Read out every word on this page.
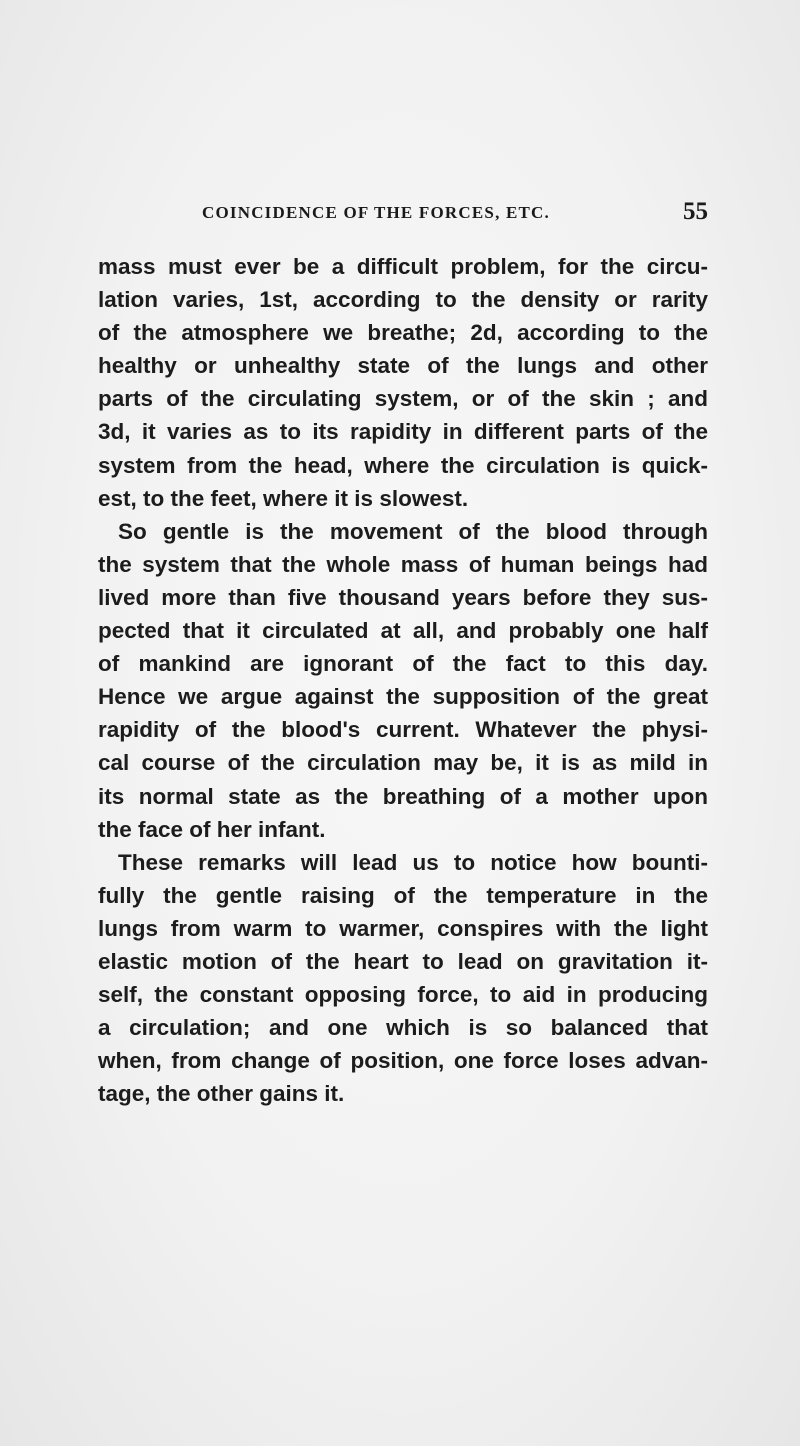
COINCIDENCE OF THE FORCES, ETC.	55
mass must ever be a difficult problem, for the circu-
lation varies, 1st, according to the density or rarity
of the atmosphere we breathe; 2d, according to the
healthy or unhealthy state of the lungs and other
parts of the circulating system, or of the skin ; and
3d, it varies as to its rapidity in different parts of the
system from the head, where the circulation is quick-
est, to the feet, where it is slowest.
So gentle is the movement of the blood through
the system that the whole mass of human beings had
lived more than five thousand years before they sus-
pected that it circulated at all, and probably one half
of mankind are ignorant of the fact to this day.
Hence we argue against the supposition of the great
rapidity of the blood's current. Whatever the physi-
cal course of the circulation may be, it is as mild in
its normal state as the breathing of a mother upon
the face of her infant.
These remarks will lead us to notice how bounti-
fully the gentle raising of the temperature in the
lungs from warm to warmer, conspires with the light
elastic motion of the heart to lead on gravitation it-
self, the constant opposing force, to aid in producing
a circulation; and one which is so balanced that
when, from change of position, one force loses advan-
tage, the other gains it.
